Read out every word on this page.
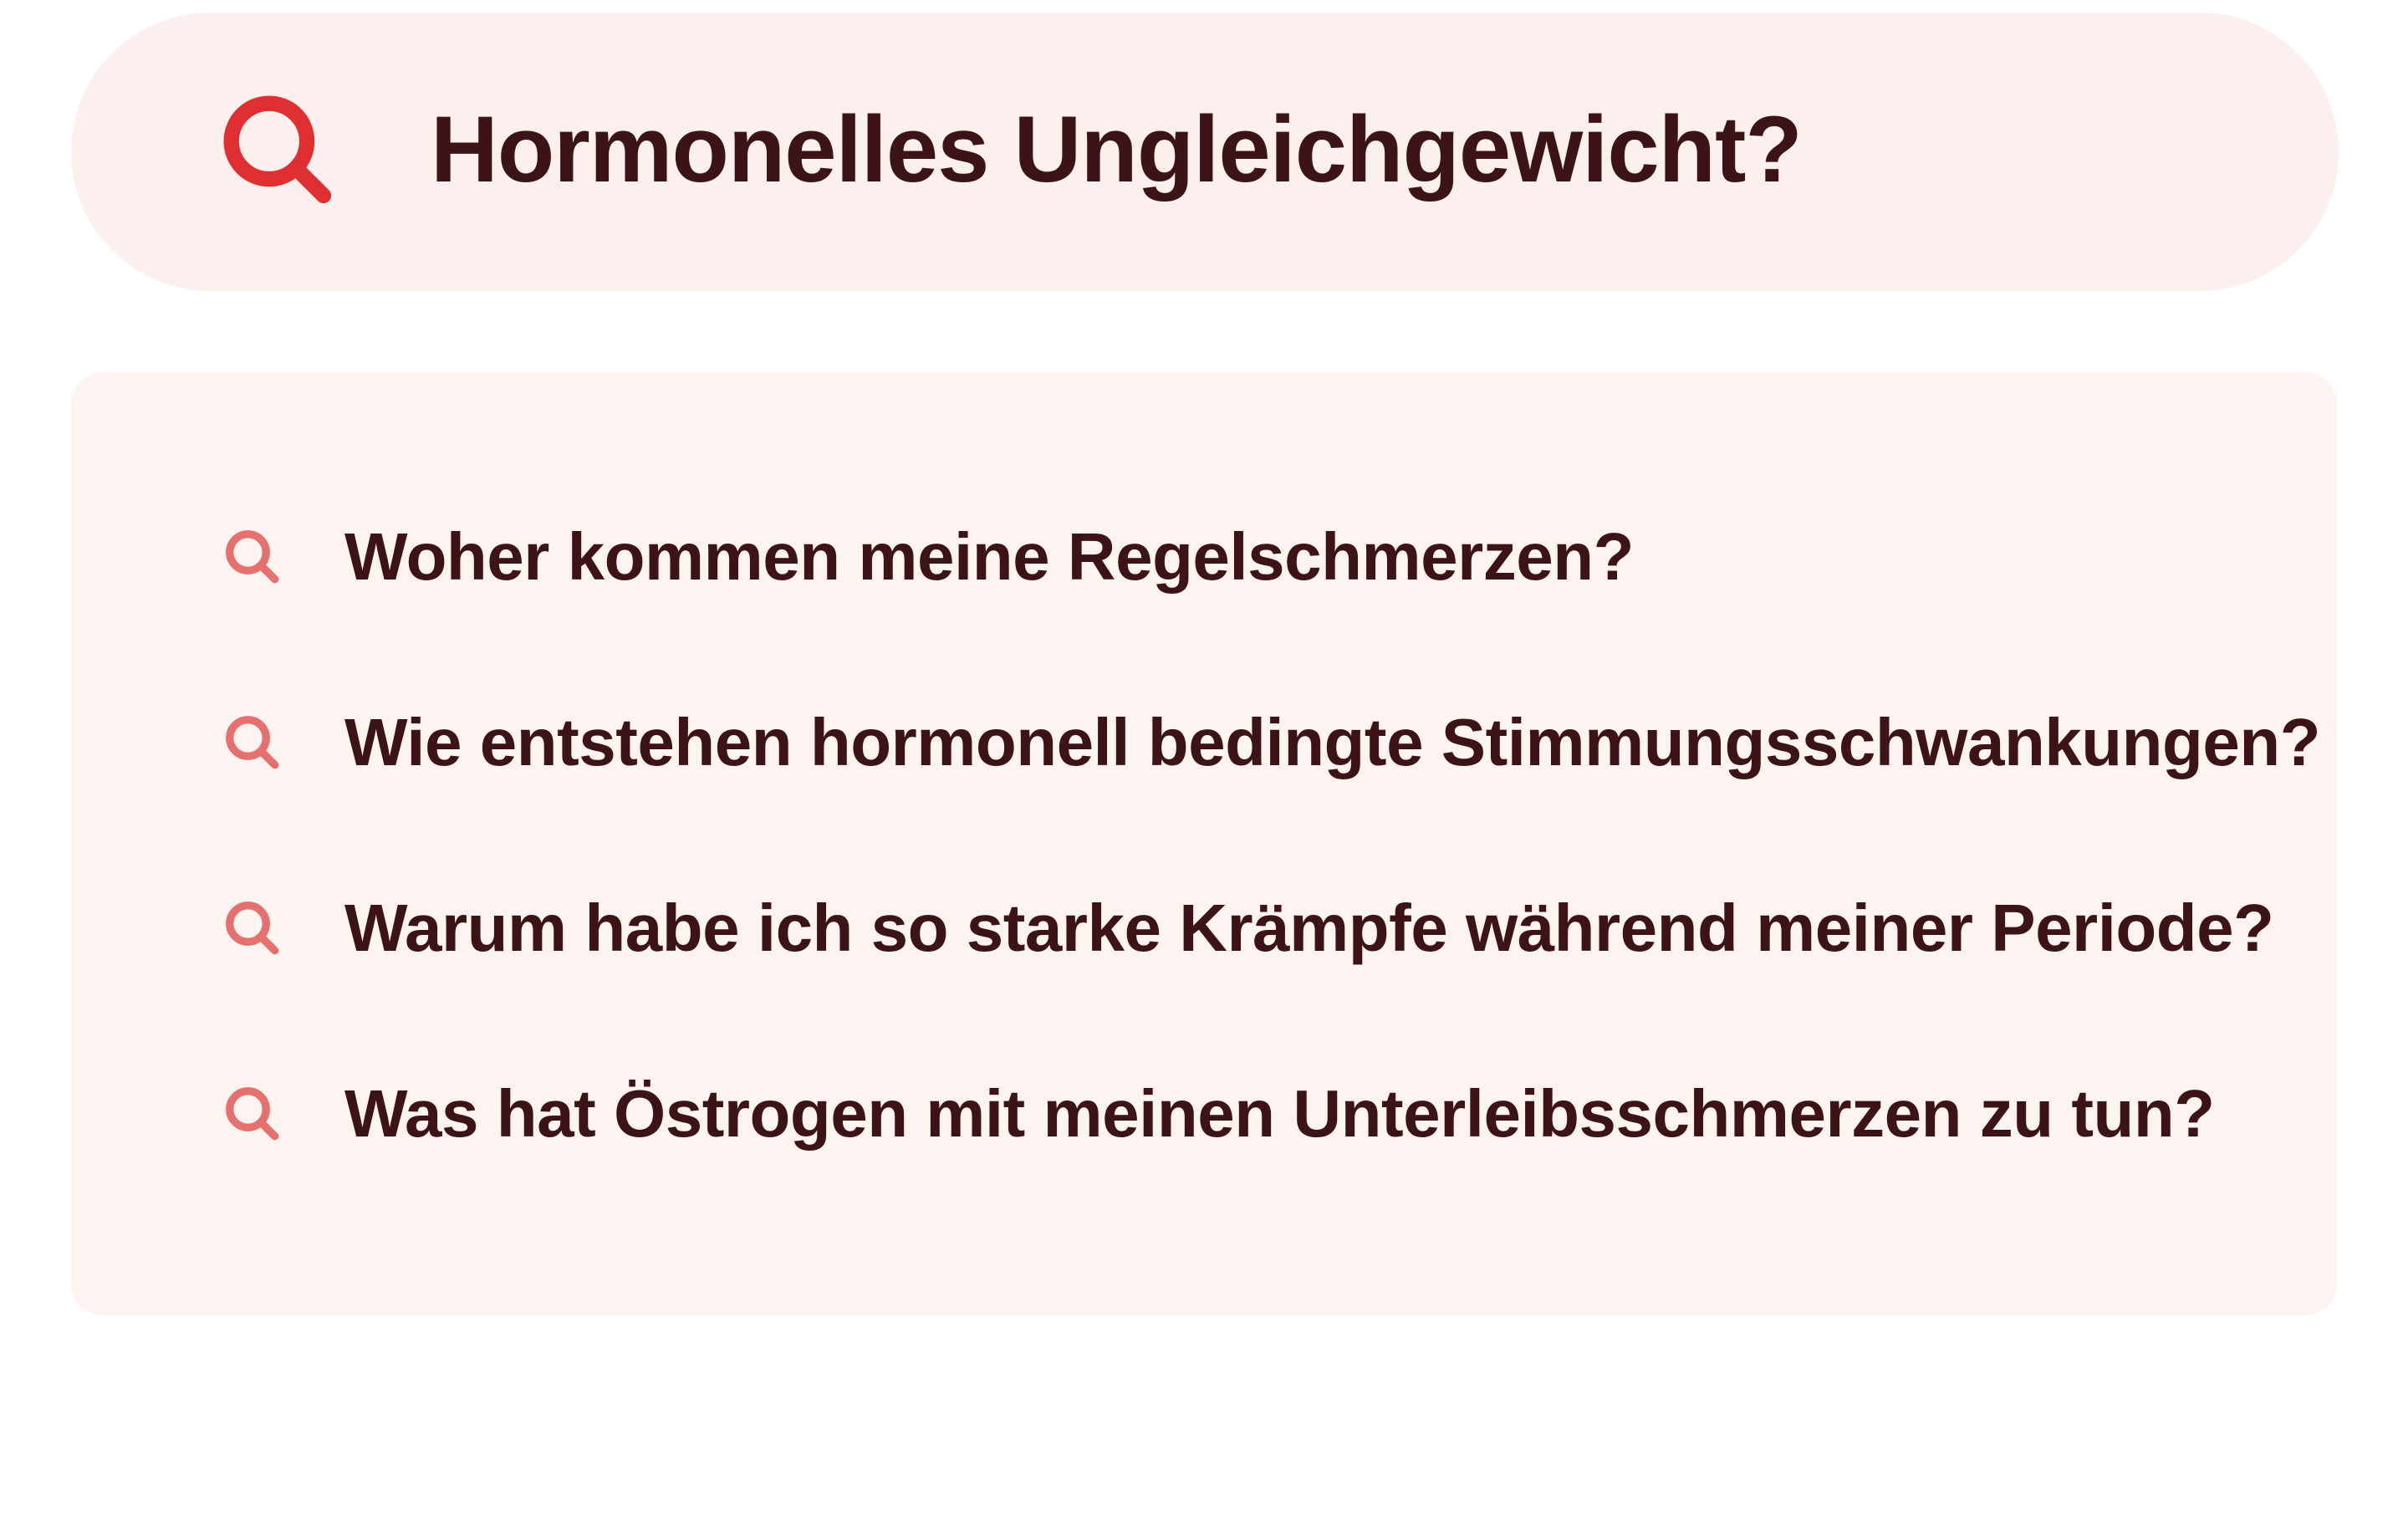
Hormonelles Ungleichgewicht?
Woher kommen meine Regelschmerzen?
Wie entstehen hormonell bedingte Stimmungsschwankungen?
Warum habe ich so starke Krämpfe während meiner Periode?
Was hat Östrogen mit meinen Unterleibsschmerzen zu tun?
